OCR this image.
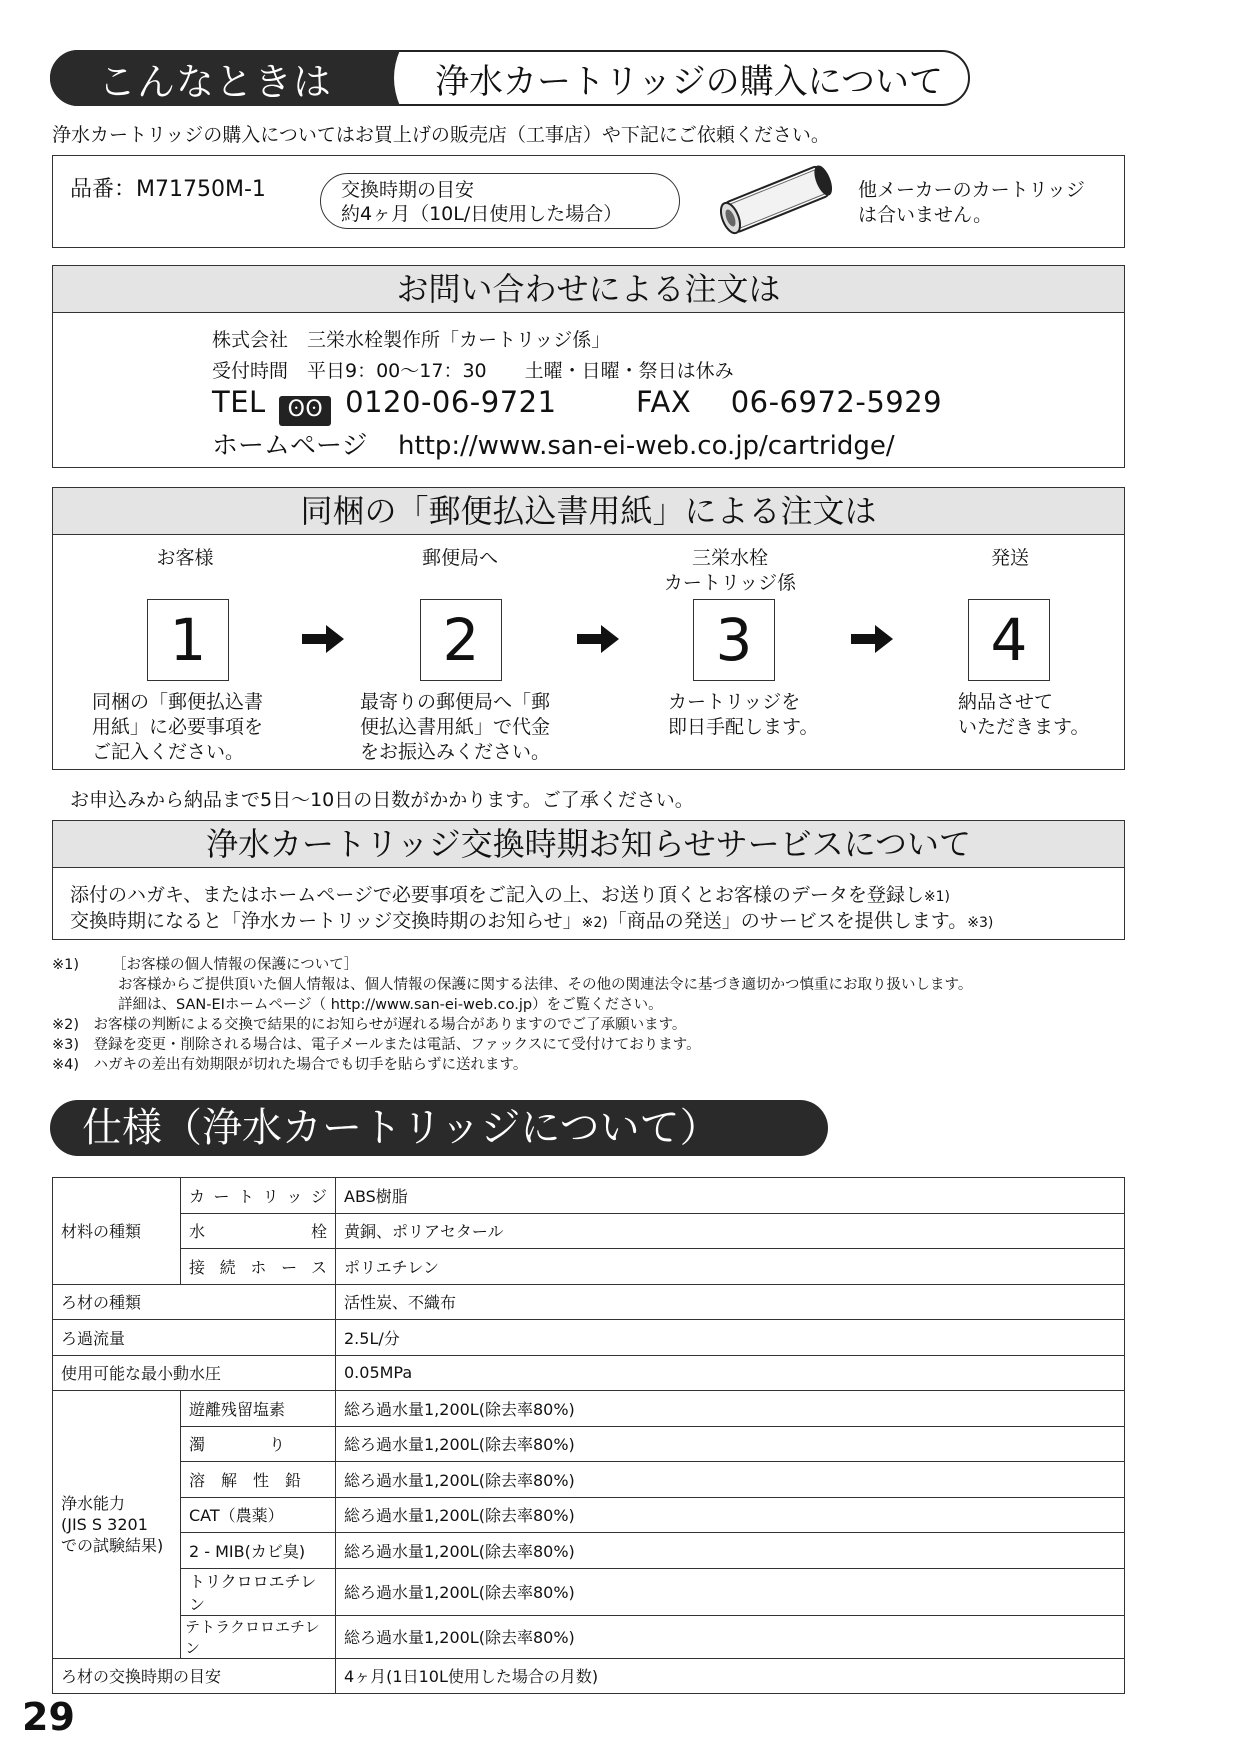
こんなときは	浄水カートリッジの購入について
浄水カートリッジの購入についてはお買上げの販売店（工事店）や下記にご依頼ください。
品番：M71750M-1	交換時期の目安
約4ヶ月（10L/日使用した場合）
他メーカーのカートリッジ
は合いません。
お問い合わせによる注文は
株式会社　三栄水栓製作所「カートリッジ係」
受付時間　平日9：00～17：30　　土曜・日曜・祭日は休み
TEL ʘʘ 0120-06-9721	FAX 06-6972-5929
ホームページ http://www.san-ei-web.co.jp/cartridge/
同梱の「郵便払込書用紙」による注文は
お客様	郵便局へ	三栄水栓
カートリッジ係
発送
1	2	3	4
同梱の「郵便払込書
用紙」に必要事項を
ご記入ください。
最寄りの郵便局へ「郵
便払込書用紙」で代金
をお振込みください。
カートリッジを
即日手配します。
納品させて
いただきます。
お申込みから納品まで5日～10日の日数がかかります。ご了承ください。
浄水カートリッジ交換時期お知らせサービスについて
添付のハガキ、またはホームページで必要事項をご記入の上、お送り頂くとお客様のデータを登録し※1)
交換時期になると「浄水カートリッジ交換時期のお知らせ」※2)「商品の発送」のサービスを提供します。※3)
※1) ［お客様の個人情報の保護について］
お客様からご提供頂いた個人情報は、個人情報の保護に関する法律、その他の関連法令に基づき適切かつ慎重にお取り扱いします。
詳細は、SAN-EIホームページ（ http://www.san-ei-web.co.jp）をご覧ください。
※2)　お客様の判断による交換で結果的にお知らせが遅れる場合がありますのでご了承願います。
※3)　登録を変更・削除される場合は、電子メールまたは電話、ファックスにて受付けております。
※4)　ハガキの差出有効期限が切れた場合でも切手を貼らずに送れます。
仕様（浄水カートリッジについて）
材料の種類	カートリッジ	ABS樹脂
	水　　　栓	黄銅、ポリアセタール
	接続ホース	ポリエチレン
ろ材の種類		活性炭、不織布
ろ過流量		2.5L/分
使用可能な最小動水圧		0.05MPa

浄水能力
(JIS S 3201
での試験結果)	遊離残留塩素	総ろ過水量1,200L(除去率80%)
	濁　　　　り	総ろ過水量1,200L(除去率80%)
	溶　解　性　鉛	総ろ過水量1,200L(除去率80%)
	CAT（農薬）	総ろ過水量1,200L(除去率80%)
	2 - MIB(カビ臭)	総ろ過水量1,200L(除去率80%)
	トリクロロエチレン	総ろ過水量1,200L(除去率80%)
	テトラクロロエチレン	総ろ過水量1,200L(除去率80%)
ろ材の交換時期の目安		4ヶ月(1日10L使用した場合の月数)
29
